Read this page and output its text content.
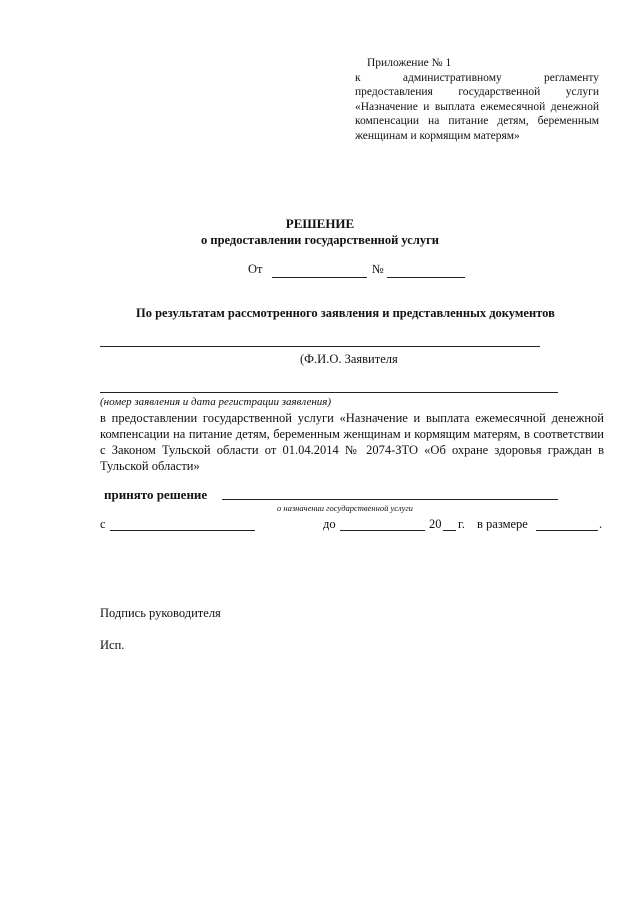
Приложение № 1
к	административному регламенту
предоставления государственной услуги
«Назначение и выплата ежемесячной денежной
компенсации на питание детям, беременным
женщинам и кормящим матерям»
РЕШЕНИЕ
о предоставлении государственной услуги
От	№
По результатам рассмотренного заявления и представленных документов
(Ф.И.О. Заявителя
(номер заявления и дата регистрации заявления)
в предоставлении государственной услуги «Назначение и выплата ежемесячной денежной компенсации на питание детям, беременным женщинам и кормящим матерям, в соответствии с Законом Тульской области от 01.04.2014 № 2074-ЗТО «Об охране здоровья граждан в Тульской области»
принято решение
о назначении государственной услуги
с	до	20 г. в размере	.
Подпись руководителя
Исп.
